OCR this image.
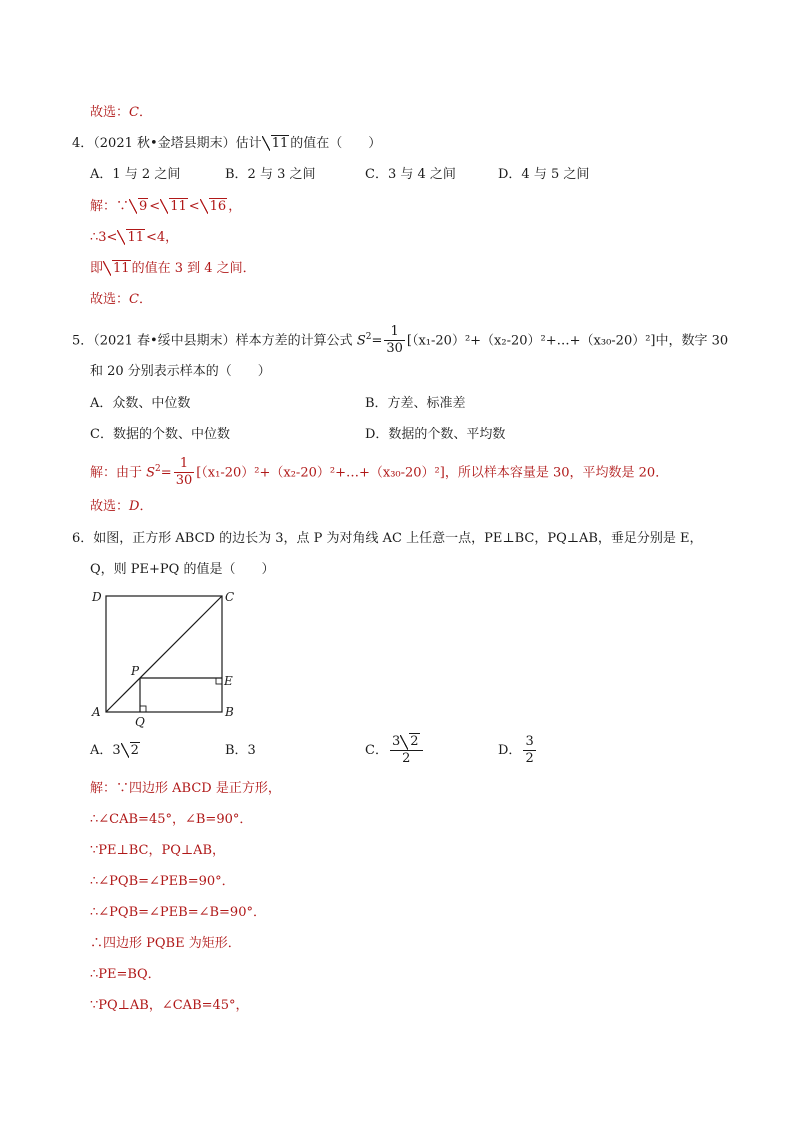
故选：C．
4．（2021 秋•金塔县期末）估计 11 的值在（　　）
A．1 与 2 之间	B．2 与 3 之间	C．3 与 4 之间	D．4 与 5 之间
解：∵ 9 < 11 < 16 ，
∴3< 11 <4，
即 11 的值在 3 到 4 之间．
故选：C．
5．（2021 春•绥中县期末）样本方差的计算公式 $S^2= \frac{1}{30}$ [（x₁-20）²+（x₂-20）²+…+（x₃₀-20）²]中，数字 30
和 20 分别表示样本的（　　）
A．众数、中位数	B．方差、标准差
C．数据的个数、中位数	D．数据的个数、平均数
解：由于 $S^2= \frac{1}{30}$ [（x₁-20）²+（x₂-20）²+…+（x₃₀-20）²]，所以样本容量是 30，平均数是 20．
故选：D．
6．如图，正方形 ABCD 的边长为 3，点 P 为对角线 AC 上任意一点，PE⊥BC，PQ⊥AB，垂足分别是 E，
Q，则 PE+PQ 的值是（　　）
D	C
A	B
P
E
Q
A．3 2	B．3	C． $\frac{3 2}{2}$	D． $\frac{3}{2}$
解：∵四边形 ABCD 是正方形，
∴∠CAB=45°，∠B=90°．
∵PE⊥BC，PQ⊥AB，
∴∠PQB=∠PEB=90°．
∴∠PQB=∠PEB=∠B=90°．
∴四边形 PQBE 为矩形．
∴PE=BQ．
∵PQ⊥AB，∠CAB=45°，
